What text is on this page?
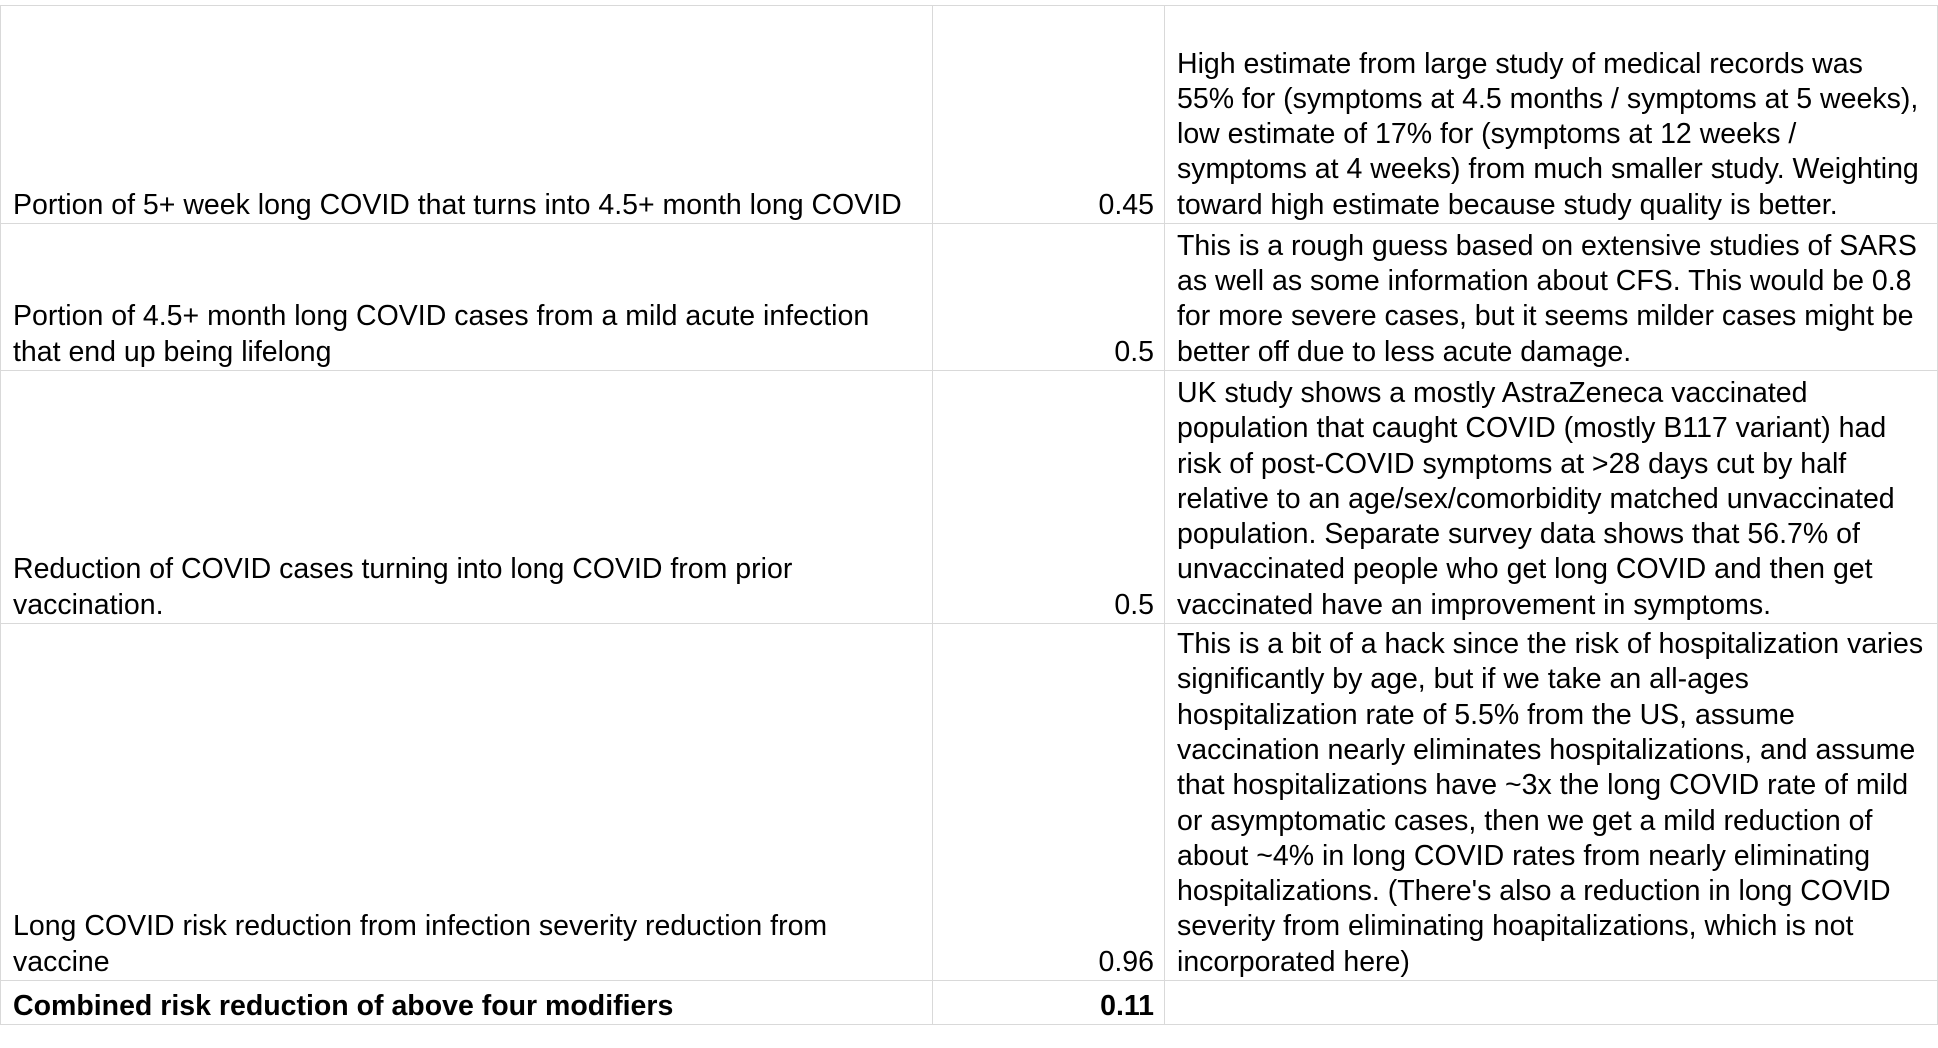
Portion of 5+ week long COVID that turns into 4.5+ month long COVID	0.45	High estimate from large study of medical records was 55% for (symptoms at 4.5 months / symptoms at 5 weeks), low estimate of 17% for (symptoms at 12 weeks / symptoms at 4 weeks) from much smaller study. Weighting toward high estimate because study quality is better.
Portion of 4.5+ month long COVID cases from a mild acute infection that end up being lifelong	0.5	This is a rough guess based on extensive studies of SARS as well as some information about CFS. This would be 0.8 for more severe cases, but it seems milder cases might be better off due to less acute damage.
Reduction of COVID cases turning into long COVID from prior vaccination.	0.5	UK study shows a mostly AstraZeneca vaccinated population that caught COVID (mostly B117 variant) had risk of post-COVID symptoms at >28 days cut by half relative to an age/sex/comorbidity matched unvaccinated population. Separate survey data shows that 56.7% of unvaccinated people who get long COVID and then get vaccinated have an improvement in symptoms.
Long COVID risk reduction from infection severity reduction from vaccine	0.96	This is a bit of a hack since the risk of hospitalization varies significantly by age, but if we take an all-ages hospitalization rate of 5.5% from the US, assume vaccination nearly eliminates hospitalizations, and assume that hospitalizations have ~3x the long COVID rate of mild or asymptomatic cases, then we get a mild reduction of about ~4% in long COVID rates from nearly eliminating hospitalizations. (There's also a reduction in long COVID severity from eliminating hoapitalizations, which is not incorporated here)
Combined risk reduction of above four modifiers	0.11	
